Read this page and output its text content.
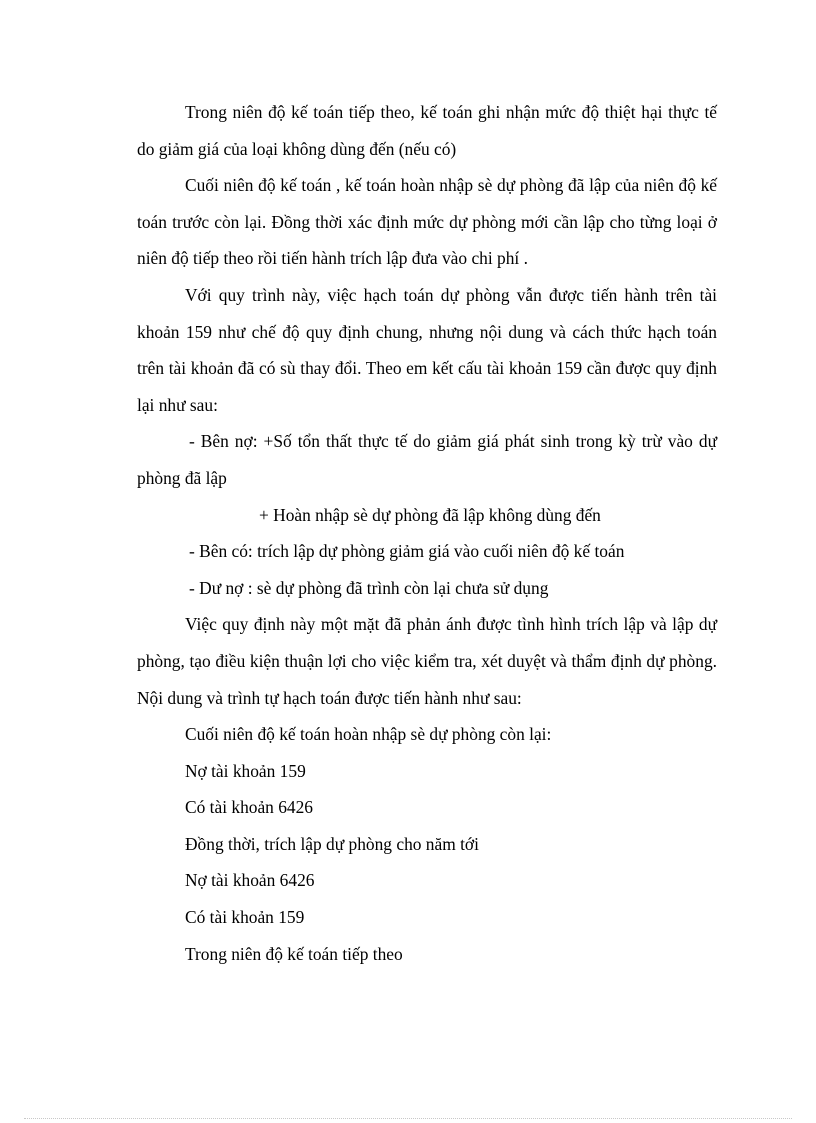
Trong niên độ kế toán tiếp theo, kế toán ghi nhận mức độ thiệt hại thực tế do giảm giá của loại không dùng đến (nếu có)

Cuối niên độ kế toán , kế toán hoàn nhập sè dự phòng đã lập của niên độ kế toán trước còn lại. Đồng thời xác định mức dự phòng mới cần lập cho từng loại ở niên độ tiếp theo rồi tiến hành trích lập đưa vào chi phí .

Với quy trình này, việc hạch toán dự phòng vẫn được tiến hành trên tài khoản 159 như chế độ quy định chung, nhưng nội dung và cách thức hạch toán trên tài khoản đã có sù thay đổi. Theo em kết cấu tài khoản 159 cần được quy định lại như sau:

- Bên nợ: +Số tổn thất thực tế do giảm giá phát sinh trong kỳ trừ vào dự phòng đã lập

+ Hoàn nhập sè dự phòng đã lập không dùng đến

- Bên có: trích lập dự phòng giảm giá vào cuối niên độ kế toán

- Dư nợ : sè dự phòng đã trình còn lại chưa sử dụng

Việc quy định này một mặt đã phản ánh được tình hình trích lập và lập dự phòng, tạo điều kiện thuận lợi cho việc kiểm tra, xét duyệt và thẩm định dự phòng. Nội dung và trình tự hạch toán được tiến hành như sau:

Cuối niên độ kế toán hoàn nhập sè dự phòng còn lại:

Nợ tài khoản 159

Có tài khoản 6426

Đồng thời, trích lập dự phòng cho năm tới

Nợ tài khoản 6426

Có tài khoản 159

Trong niên độ kế toán tiếp theo
